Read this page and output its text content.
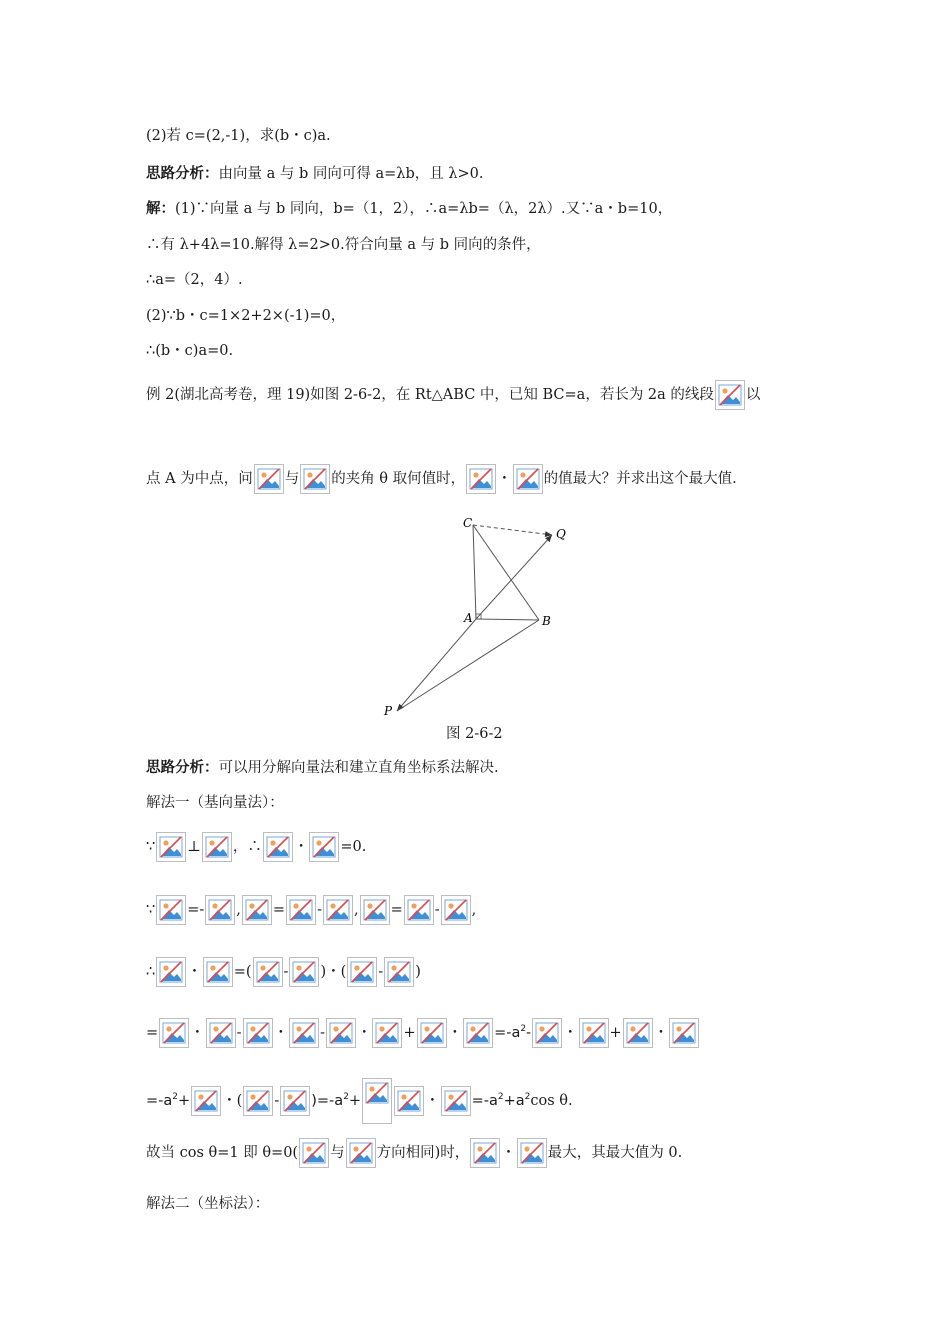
(2)若 c=(2,-1)，求(b・c)a.
思路分析： 由向量 a 与 b 同向可得 a=λb，且 λ>0.
解： (1)∵向量 a 与 b 同向，b=（1，2），∴a=λb=（λ，2λ）.又∵a・b=10，
∴有 λ+4λ=10.解得 λ=2>0.符合向量 a 与 b 同向的条件，
∴a=（2，4）.
(2)∵b・c=1×2+2×(-1)=0，
∴(b・c)a=0.
例 2(湖北高考卷，理 19)如图 2-6-2，在 Rt△ABC 中，已知 BC=a，若长为 2a 的线段 以
点 A 为中点，问 与 的夹角 θ 取何值时， ・ 的值最大？并求出这个最大值.
C
Q
A	B
P
图 2-6-2
思路分析： 可以用分解向量法和建立直角坐标系法解决.
解法一（基向量法）：
∵ ⊥ ，∴ ・ =0.
∵ =- , = - , = - ,
∴ ・ =( - )・( - )
= ・ - ・ - ・ + ・ $=-a^2$ - ・ + ・
$=-a^2$ + ・( - )$=-a^2$ +	・ $=-a^2+a^2$ cos θ.
故当 cos θ=1 即 θ=0( 与 方向相同)时， ・ 最大，其最大值为 0.
解法二（坐标法）：
